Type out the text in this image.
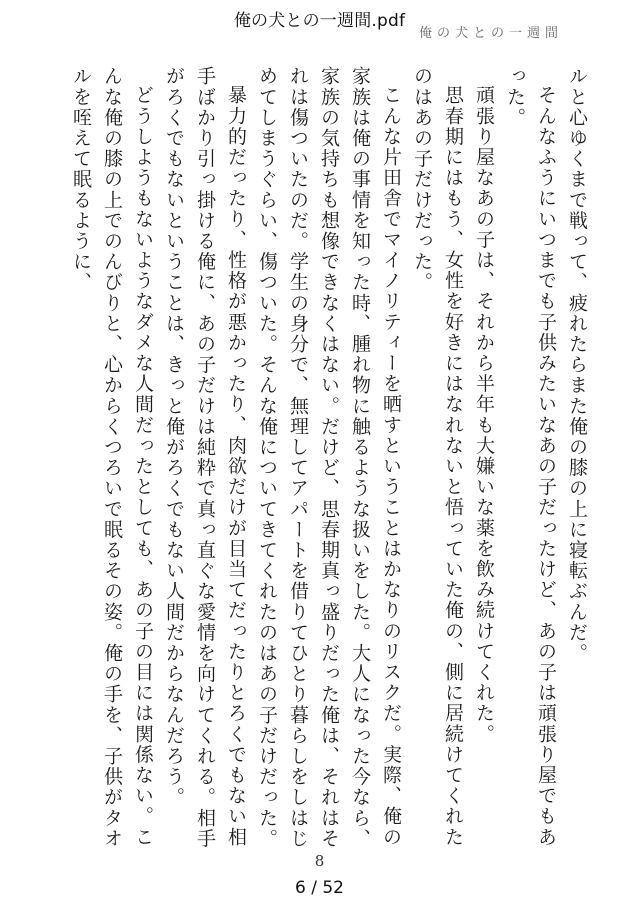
俺の犬との一週間.pdf
俺の犬との一週間

ルと心ゆくまで戦って、疲れたらまた俺の膝の上に寝転ぶんだ。

そんなふうにいつまでも子供みたいなあの子だったけど、あの子は頑張り屋でもあった。

頑張り屋なあの子は、それから半年も大嫌いな薬を飲み続けてくれた。

思春期にはもう、女性を好きにはなれないと悟っていた俺の、側に居続けてくれたのはあの子だけだった。

こんな片田舎でマイノリティーを晒すということはかなりのリスクだ。実際、俺の家族は俺の事情を知った時、腫れ物に触るような扱いをした。大人になった今なら、家族の気持ちも想像できなくはない。だけど、思春期真っ盛りだった俺は、それはそれは傷ついたのだ。学生の身分で、無理してアパートを借りてひとり暮らしをしはじめてしまうぐらい、傷ついた。そんな俺についてきてくれたのはあの子だけだった。

暴力的だったり、性格が悪かったり、肉欲だけが目当てだったりとろくでもない相手ばかり引っ掛ける俺に、あの子だけは純粋で真っ直ぐな愛情を向けてくれる。相手がろくでもないということは、きっと俺がろくでもない人間だからなんだろう。

どうしようもないようなダメな人間だったとしても、あの子の目には関係ない。こんな俺の膝の上でのんびりと、心からくつろいで眠るその姿。俺の手を、子供がタオルを咥えて眠るように、

8
6 / 52
